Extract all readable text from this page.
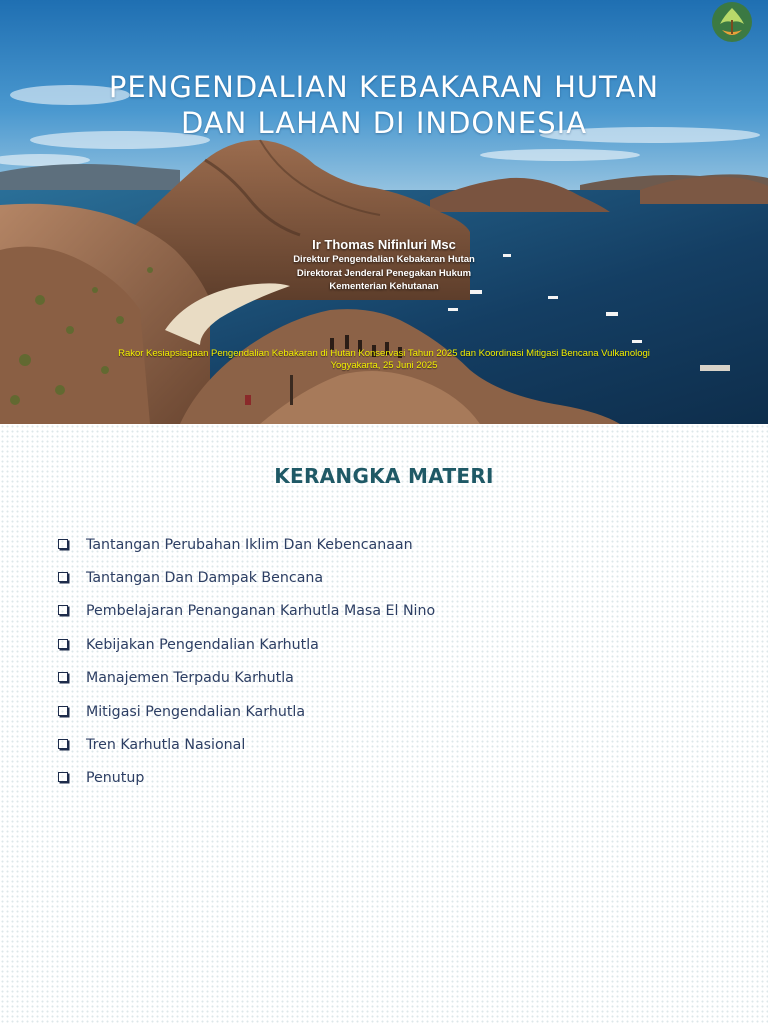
PENGENDALIAN KEBAKARAN HUTAN
DAN LAHAN DI INDONESIA
Ir Thomas Nifinluri Msc
Direktur Pengendalian Kebakaran Hutan
Direktorat Jenderal Penegakan Hukum
Kementerian Kehutanan
Rakor Kesiapsiagaan Pengendalian Kebakaran di Hutan Konservasi Tahun 2025 dan Koordinasi Mitigasi Bencana Vulkanologi
Yogyakarta, 25 Juni 2025
KERANGKA MATERI
Tantangan Perubahan Iklim Dan Kebencanaan
Tantangan Dan Dampak Bencana
Pembelajaran Penanganan Karhutla Masa El Nino
Kebijakan Pengendalian Karhutla
Manajemen Terpadu Karhutla
Mitigasi Pengendalian Karhutla
Tren Karhutla Nasional
Penutup
